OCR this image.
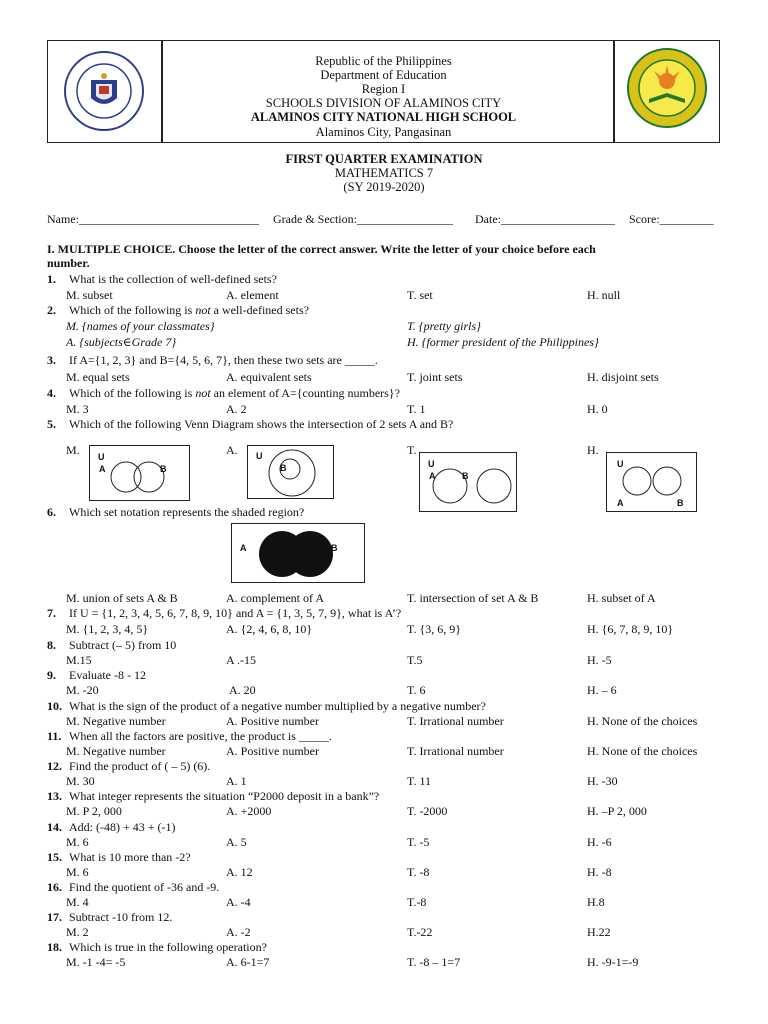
Republic of the Philippines
Department of Education
Region I
SCHOOLS DIVISION OF ALAMINOS CITY
ALAMINOS CITY NATIONAL HIGH SCHOOL
Alaminos City, Pangasinan
FIRST QUARTER EXAMINATION
MATHEMATICS 7
(SY 2019-2020)
Name:______________________________ Grade & Section:________________ Date:___________________ Score:_________
I. MULTIPLE CHOICE. Choose the letter of the correct answer. Write the letter of your choice before each
number.
1. What is the collection of well-defined sets?
M. subset	A. element	T. set	H. null
2. Which of the following is not a well-defined sets?
M. {names of your classmates}	T. {pretty girls}
A. {subjects∈Grade 7}	H. {former president of the Philippines}
3. If A={1, 2, 3} and B={4, 5, 6, 7}, then these two sets are _____.
M. equal sets	A. equivalent sets	T. joint sets	H. disjoint sets
4. Which of the following is not an element of A={counting numbers}?
M. 3	A. 2	T. 1	H. 0
5. Which of the following Venn Diagram shows the intersection of 2 sets A and B?
M.	A.	T.	H.
U
A	B
U
B	U
A	B
U
A	B
6. Which set notation represents the shaded region?
A	B
M. union of sets A & B	A. complement of A	T. intersection of set A & B	H. subset of A
7. If U = {1, 2, 3, 4, 5, 6, 7, 8, 9, 10} and A = {1, 3, 5, 7, 9}, what is A’?
M. {1, 2, 3, 4, 5}	A. {2, 4, 6, 8, 10}	T. {3, 6, 9}	H. {6, 7, 8, 9, 10}
8. Subtract (– 5) from 10
M.15	A .-15	T.5	H. -5
9. Evaluate -8 - 12
M. -20	A. 20	T. 6	H. – 6
10. What is the sign of the product of a negative number multiplied by a negative number?
M. Negative number	A. Positive number	T. Irrational number	H. None of the choices
11. When all the factors are positive, the product is _____.
M. Negative number	A. Positive number	T. Irrational number	H. None of the choices
12. Find the product of ( – 5) (6).
M. 30	A. 1	T. 11	H. -30
13. What integer represents the situation “P2000 deposit in a bank”?
M. P 2, 000	A. +2000	T. -2000	H. –P 2, 000
14. Add: (-48) + 43 + (-1)
M. 6	A. 5	T. -5	H. -6
15. What is 10 more than -2?
M. 6	A. 12	T. -8	H. -8
16. Find the quotient of -36 and -9.
M. 4	A. -4	T.-8	H.8
17. Subtract -10 from 12.
M. 2	A. -2	T.-22	H.22
18. Which is true in the following operation?
M. -1 -4= -5	A. 6-1=7	T. -8 – 1=7	H. -9-1=-9
